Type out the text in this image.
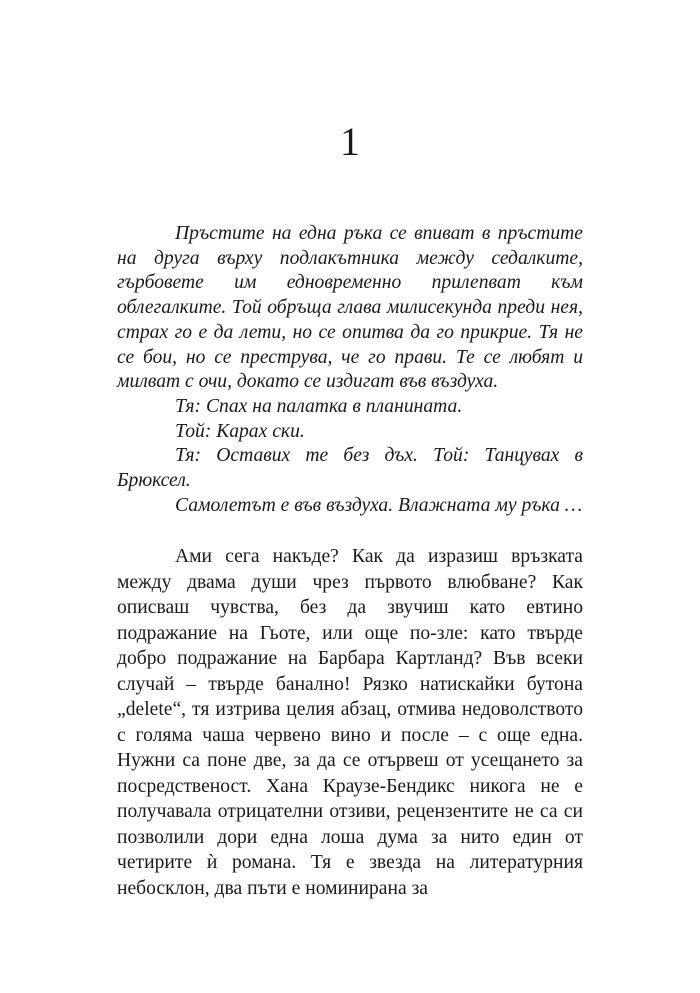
1

Пръстите на една ръка се впиват в пръстите на друга върху подлакътника между седалките, гърбовете им едновременно прилепват към облегалките. Той обръща глава милисекунда преди нея, страх го е да лети, но се опитва да го прикрие. Тя не се бои, но се преструва, че го прави. Те се любят и милват с очи, докато се издигат във въздуха.

Тя: Спах на палатка в планината.

Той: Карах ски.

Тя: Оставих те без дъх. Той: Танцувах в Брюксел.

Самолетът е във въздуха. Влажната му ръка …

Ами сега накъде? Как да изразиш връзката между двама души чрез първото влюбване? Как описваш чувства, без да звучиш като евтино подражание на Гьоте, или още по-зле: като твърде добро подражание на Барбара Картланд? Във всеки случай – твърде банално! Рязко натискайки бутона „delete“, тя изтрива целия абзац, отмива недоволството с голяма чаша червено вино и после – с още една. Нужни са поне две, за да се отървеш от усещането за посредственост. Хана Краузе-Бендикс никога не е получавала отрицателни отзиви, рецензентите не са си позволили дори една лоша дума за нито един от четирите ѝ романа. Тя е звезда на литературния небосклон, два пъти е номинирана за
